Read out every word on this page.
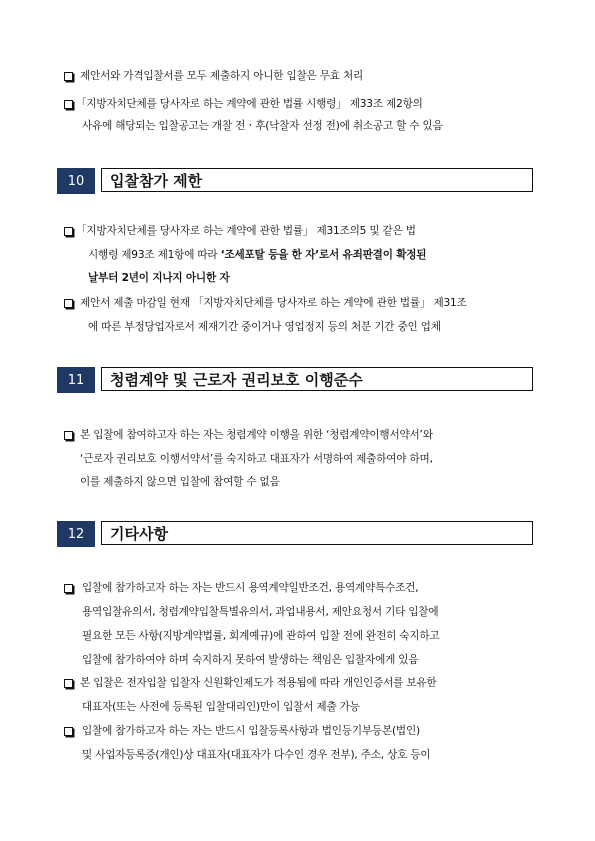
제안서와 가격입찰서를 모두 제출하지 아니한 입찰은 무효 처리
「지방자치단체를 당사자로 하는 계약에 관한 법률 시행령」 제33조 제2항의
사유에 해당되는 입찰공고는 개찰 전ㆍ후(낙찰자 선정 전)에 취소공고 할 수 있음
10	입찰참가 제한
「지방자치단체를 당사자로 하는 계약에 관한 법률」 제31조의5 및 같은 법
시행령 제93조 제1항에 따라 ‘조세포탈 등을 한 자’로서 유죄판결이 확정된
날부터 2년이 지나지 아니한 자
제안서 제출 마감일 현재 「지방자치단체를 당사자로 하는 계약에 관한 법률」 제31조
에 따른 부정당업자로서 제재기간 중이거나 영업정지 등의 처분 기간 중인 업체
11	청렴계약 및 근로자 권리보호 이행준수
본 입찰에 참여하고자 하는 자는 청렴계약 이행을 위한 ‘청렴계약이행서약서’와
‘근로자 권리보호 이행서약서’를 숙지하고 대표자가 서명하여 제출하여야 하며,
이를 제출하지 않으면 입찰에 참여할 수 없음
12	기타사항
입찰에 참가하고자 하는 자는 반드시 용역계약일반조건, 용역계약특수조건,
용역입찰유의서, 청렴계약입찰특별유의서, 과업내용서, 제안요청서 기타 입찰에
필요한 모든 사항(지방계약법률, 회계예규)에 관하여 입찰 전에 완전히 숙지하고
입찰에 참가하여야 하며 숙지하지 못하여 발생하는 책임은 입찰자에게 있음
본 입찰은 전자입찰 입찰자 신원확인제도가 적용됨에 따라 개인인증서를 보유한
대표자(또는 사전에 등록된 입찰대리인)만이 입찰서 제출 가능
입찰에 참가하고자 하는 자는 반드시 입찰등록사항과 법인등기부등본(법인)
및 사업자등록증(개인)상 대표자(대표자가 다수인 경우 전부), 주소, 상호 등이
